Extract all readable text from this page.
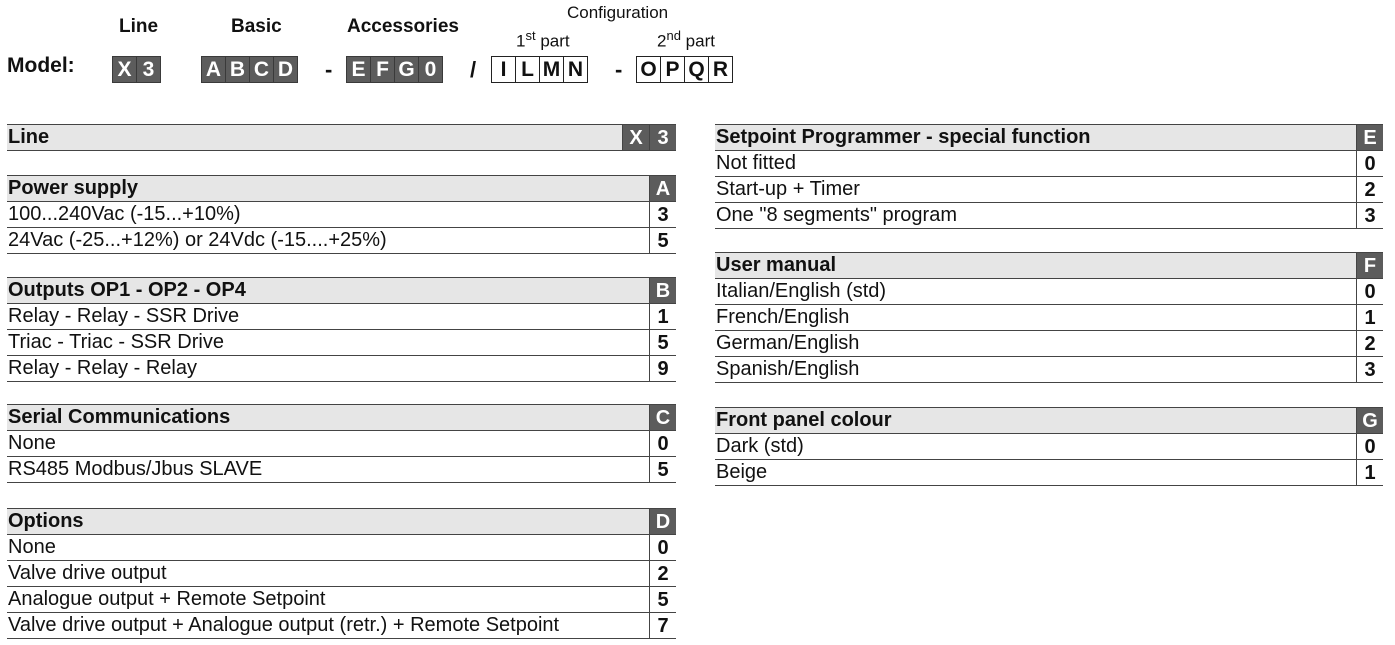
Line	Basic	Accessories
Configuration
1st part	2nd part
Model: X 3	A B C D - E F G 0	/	I L M N - O P Q R
Line	X 3
Power supply	A
100...240Vac (-15...+10%)	3
24Vac (-25...+12%) or 24Vdc (-15....+25%)	5
Outputs OP1 - OP2 - OP4	B
Relay - Relay - SSR Drive	1
Triac - Triac - SSR Drive	5
Relay - Relay - Relay	9
Serial Communications	C
None	0
RS485 Modbus/Jbus SLAVE	5
Options	D
None	0
Valve drive output	2
Analogue output + Remote Setpoint	5
Valve drive output + Analogue output (retr.) + Remote Setpoint	7
Setpoint Programmer - special function	E
Not fitted	0
Start-up + Timer	2
One "8 segments" program	3
User manual	F
Italian/English (std)	0
French/English	1
German/English	2
Spanish/English	3
Front panel colour	G
Dark (std)	0
Beige	1
